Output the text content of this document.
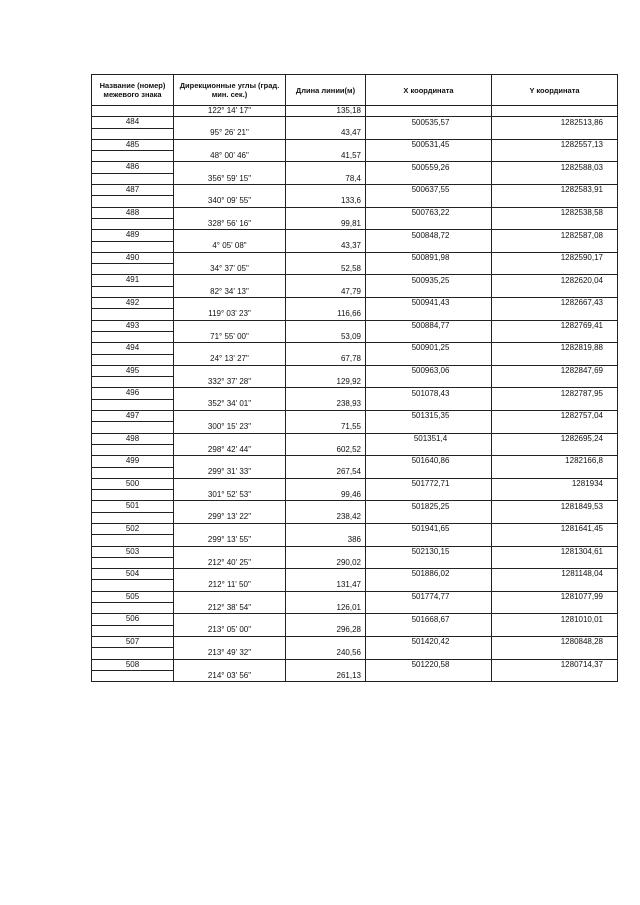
Название (номер) межевого знака	Дирекционные углы (град. мин. сек.)	Длина линии(м)	X координата	Y координата
	122° 14' 17"	135,18		
484			500535,57	1282513,86
	95° 26' 21"	43,47		
485			500531,45	1282557,13
	48° 00' 46"	41,57		
486			500559,26	1282588,03
	356° 59' 15"	78,4		
487			500637,55	1282583,91
	340° 09' 55"	133,6		
488			500763,22	1282538,58
	328° 56' 16"	99,81		
489			500848,72	1282587,08
	4° 05' 08"	43,37		
490			500891,98	1282590,17
	34° 37' 05"	52,58		
491			500935,25	1282620,04
	82° 34' 13"	47,79		
492			500941,43	1282667,43
	119° 03' 23"	116,66		
493			500884,77	1282769,41
	71° 55' 00"	53,09		
494			500901,25	1282819,88
	24° 13' 27"	67,78		
495			500963,06	1282847,69
	332° 37' 28"	129,92		
496			501078,43	1282787,95
	352° 34' 01"	238,93		
497			501315,35	1282757,04
	300° 15' 23"	71,55		
498			501351,4	1282695,24
	298° 42' 44"	602,52		
499			501640,86	1282166,8
	299° 31' 33"	267,54		
500			501772,71	1281934
	301° 52' 53"	99,46		
501			501825,25	1281849,53
	299° 13' 22"	238,42		
502			501941,65	1281641,45
	299° 13' 55"	386		
503			502130,15	1281304,61
	212° 40' 25"	290,02		
504			501886,02	1281148,04
	212° 11' 50"	131,47		
505			501774,77	1281077,99
	212° 38' 54"	126,01		
506			501668,67	1281010,01
	213° 05' 00"	296,28		
507			501420,42	1280848,28
	213° 49' 32"	240,56		
508			501220,58	1280714,37
	214° 03' 56"	261,13		
